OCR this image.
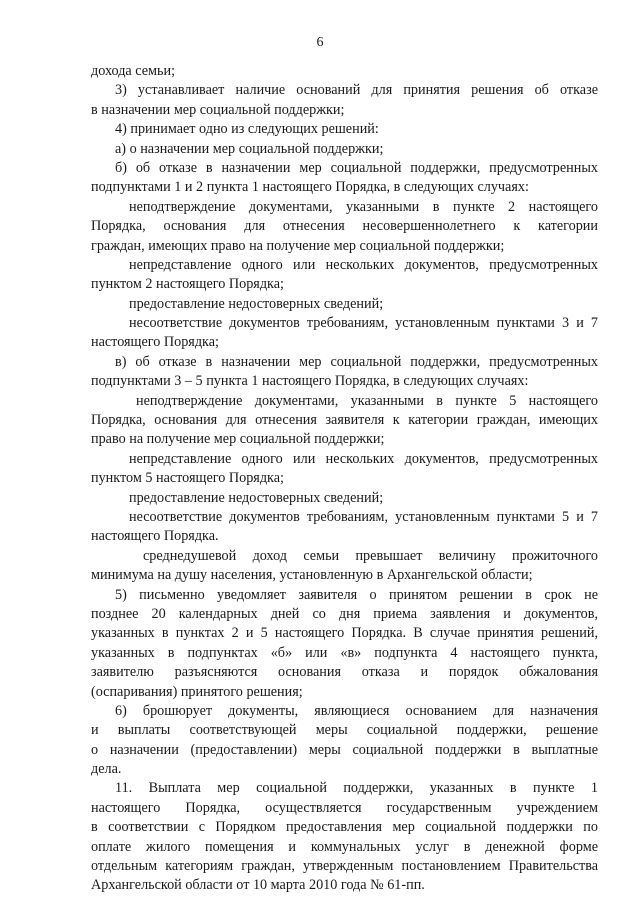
6
дохода семьи;
3) устанавливает наличие оснований для принятия решения об отказе
в назначении мер социальной поддержки;
4) принимает одно из следующих решений:
а) о назначении мер социальной поддержки;
б) об отказе в назначении мер социальной поддержки, предусмотренных
подпунктами 1 и 2 пункта 1 настоящего Порядка, в следующих случаях:
неподтверждение документами, указанными в пункте 2 настоящего
Порядка, основания для отнесения несовершеннолетнего к категории
граждан, имеющих право на получение мер социальной поддержки;
непредставление одного или нескольких документов, предусмотренных
пунктом 2 настоящего Порядка;
предоставление недостоверных сведений;
несоответствие документов требованиям, установленным пунктами 3 и 7
настоящего Порядка;
в) об отказе в назначении мер социальной поддержки, предусмотренных
подпунктами 3 – 5 пункта 1 настоящего Порядка, в следующих случаях:
неподтверждение документами, указанными в пункте 5 настоящего
Порядка, основания для отнесения заявителя к категории граждан, имеющих
право на получение мер социальной поддержки;
непредставление одного или нескольких документов, предусмотренных
пунктом 5 настоящего Порядка;
предоставление недостоверных сведений;
несоответствие документов требованиям, установленным пунктами 5 и 7
настоящего Порядка.
среднедушевой доход семьи превышает величину прожиточного
минимума на душу населения, установленную в Архангельской области;
5) письменно уведомляет заявителя о принятом решении в срок не
позднее 20 календарных дней со дня приема заявления и документов,
указанных в пунктах 2 и 5 настоящего Порядка. В случае принятия решений,
указанных в подпунктах «б» или «в» подпункта 4 настоящего пункта,
заявителю разъясняются основания отказа и порядок обжалования
(оспаривания) принятого решения;
6) брошюрует документы, являющиеся основанием для назначения
и выплаты соответствующей меры социальной поддержки, решение
о назначении (предоставлении) меры социальной поддержки в выплатные
дела.
11. Выплата мер социальной поддержки, указанных в пункте 1
настоящего Порядка, осуществляется государственным учреждением
в соответствии с Порядком предоставления мер социальной поддержки по
оплате жилого помещения и коммунальных услуг в денежной форме
отдельным категориям граждан, утвержденным постановлением Правительства
Архангельской области от 10 марта 2010 года № 61-пп.
